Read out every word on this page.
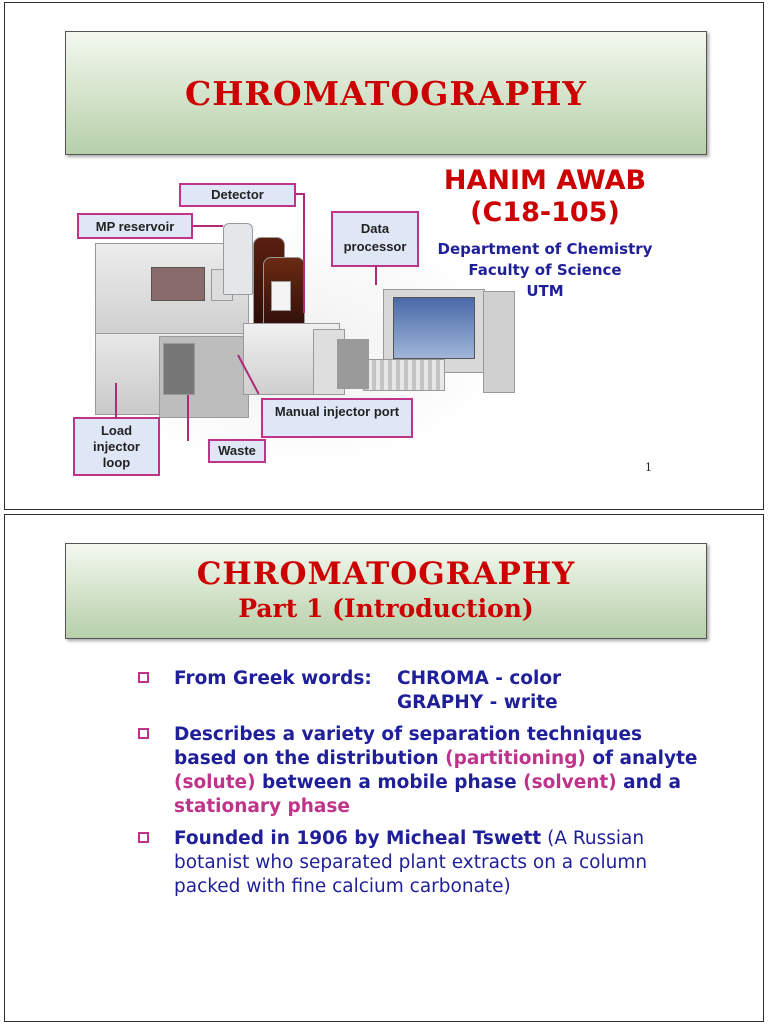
CHROMATOGRAPHY
Detector
MP reservoir	Data processor
Manual injector port
Load injector loop
Waste
HANIM AWAB
(C18-105)
Department of Chemistry
Faculty of Science
UTM
1
CHROMATOGRAPHY
Part 1 (Introduction)
From Greek words:	CHROMA - color
GRAPHY - write
Describes a variety of separation techniques based on the distribution (partitioning) of analyte (solute) between a mobile phase (solvent) and a stationary phase
Founded in 1906 by Micheal Tswett (A Russian botanist who separated plant extracts on a column packed with fine calcium carbonate)
